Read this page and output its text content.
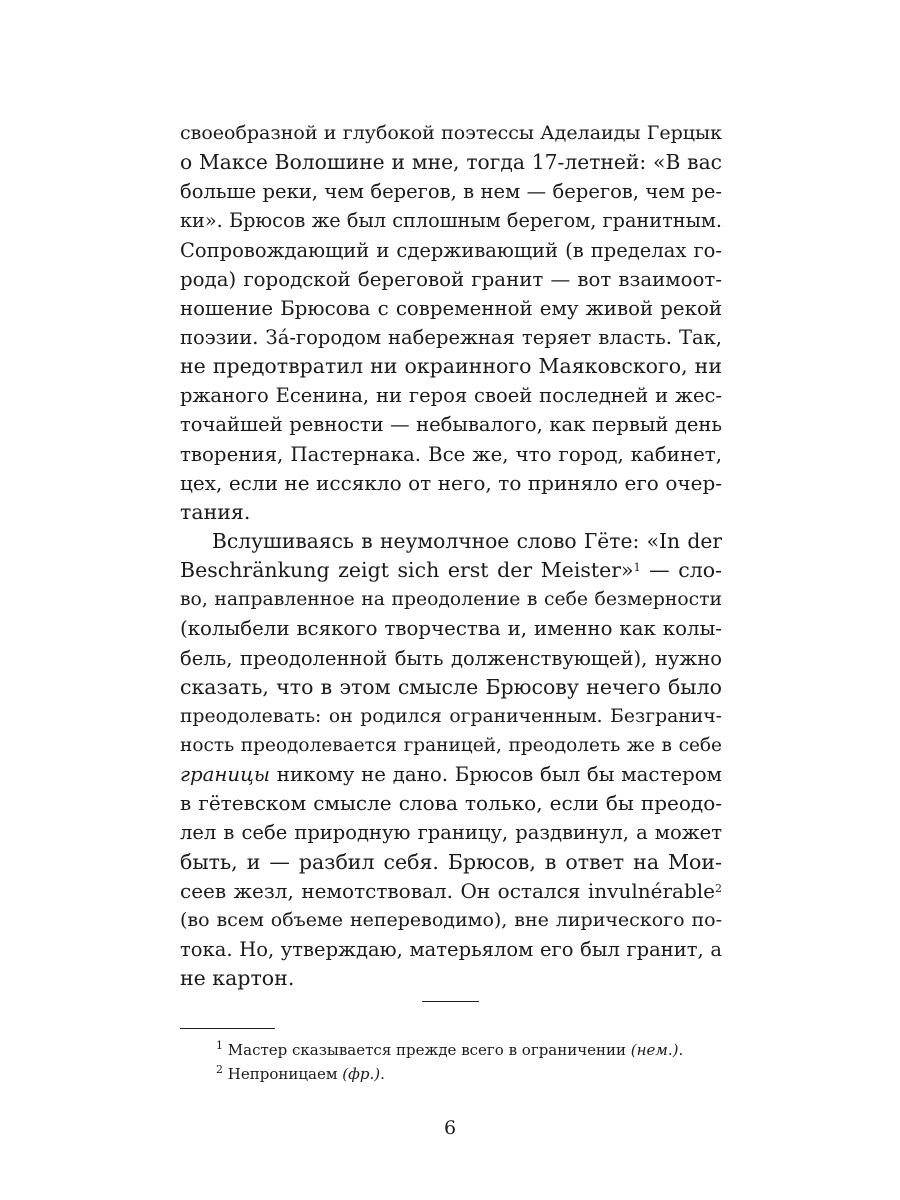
своеобразной и глубокой поэтессы Аделаиды Герцык
о Максе Волошине и мне, тогда 17-летней: «В вас
больше реки, чем берегов, в нем — берегов, чем ре-
ки». Брюсов же был сплошным берегом, гранитным.
Сопровождающий и сдерживающий (в пределах го-
рода) городской береговой гранит — вот взаимоот-
ношение Брюсова с современной ему живой рекой
поэзии. За́-городом набережная теряет власть. Так,
не предотвратил ни окраинного Маяковского, ни
ржаного Есенина, ни героя своей последней и жес-
точайшей ревности — небывалого, как первый день
творения, Пастернака. Все же, что город, кабинет,
цех, если не иссякло от него, то приняло его очер-
тания.
Вслушиваясь в неумолчное слово Гёте: «In der
Beschränkung zeigt sich erst der Meister»$^1$ — сло-
во, направленное на преодоление в себе безмерности
(колыбели всякого творчества и, именно как колы-
бель, преодоленной быть долженствующей), нужно
сказать, что в этом смысле Брюсову нечего было
преодолевать: он родился ограниченным. Безгранич-
ность преодолевается границей, преодолеть же в себе
границы никому не дано. Брюсов был бы мастером
в гётевском смысле слова только, если бы преодо-
лел в себе природную границу, раздвинул, а может
быть, и — разбил себя. Брюсов, в ответ на Мои-
сеев жезл, немотствовал. Он остался invulnérable$^2$
(во всем объеме непереводимо), вне лирического по-
тока. Но, утверждаю, матерьялом его был гранит, а
не картон.
$^1$ Мастер сказывается прежде всего в ограничении (нем.).
$^2$ Непроницаем (фр.).
6
